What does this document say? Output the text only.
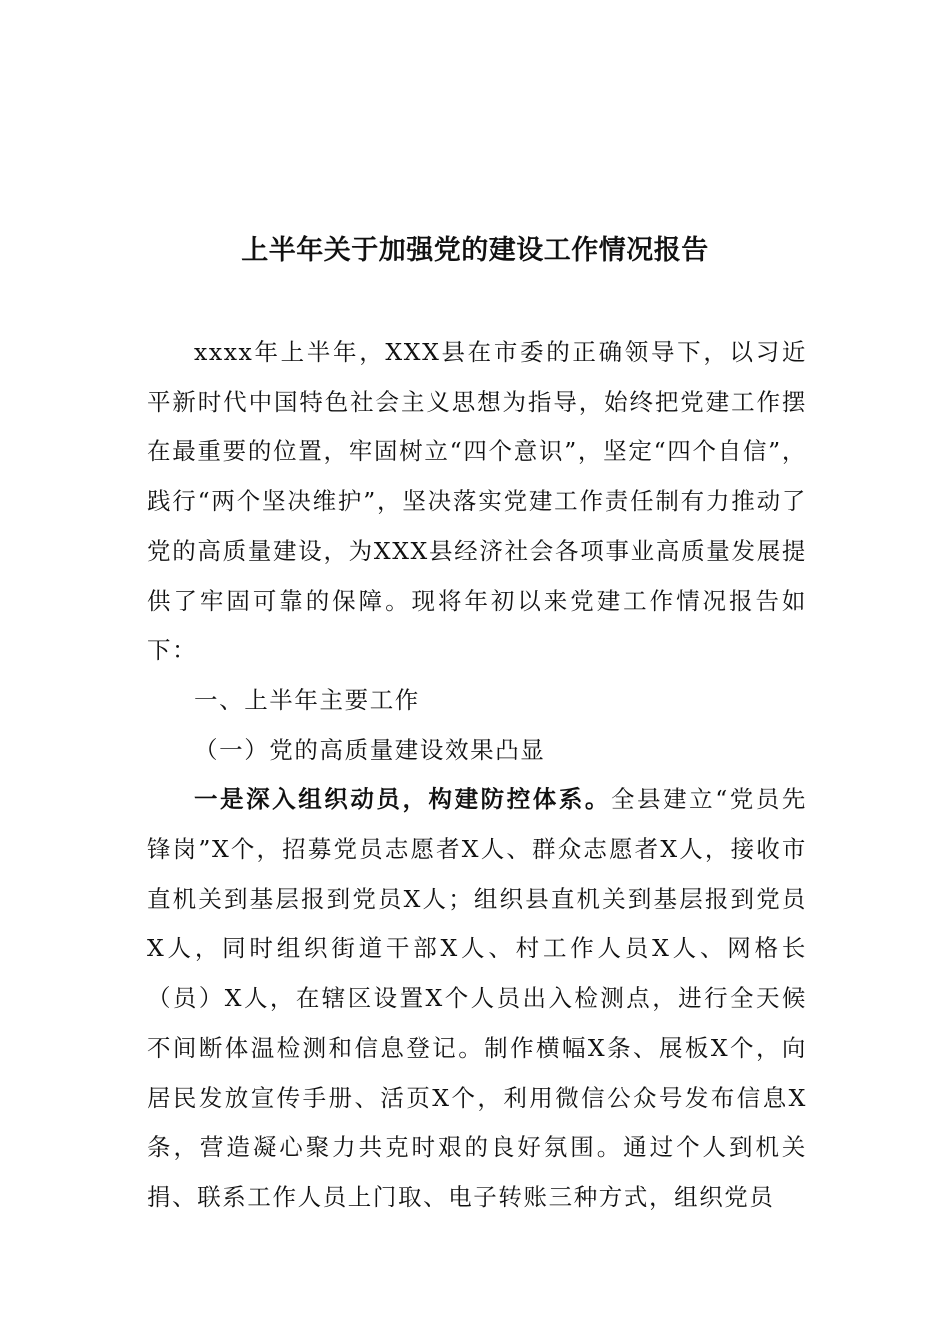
上半年关于加强党的建设工作情况报告

xxxx年上半年，XXX县在市委的正确领导下，以习近平新时代中国特色社会主义思想为指导，始终把党建工作摆在最重要的位置，牢固树立“四个意识”，坚定“四个自信”，践行“两个坚决维护”，坚决落实党建工作责任制有力推动了党的高质量建设，为XXX县经济社会各项事业高质量发展提供了牢固可靠的保障。现将年初以来党建工作情况报告如下：

一、上半年主要工作

（一）党的高质量建设效果凸显

一是深入组织动员，构建防控体系。全县建立“党员先锋岗”X个，招募党员志愿者X人、群众志愿者X人，接收市直机关到基层报到党员X人；组织县直机关到基层报到党员X人，同时组织街道干部X人、村工作人员X人、网格长（员）X人，在辖区设置X个人员出入检测点，进行全天候不间断体温检测和信息登记。制作横幅X条、展板X个，向居民发放宣传手册、活页X个，利用微信公众号发布信息X条，营造凝心聚力共克时艰的良好氛围。通过个人到机关捐、联系工作人员上门取、电子转账三种方式，组织党员
